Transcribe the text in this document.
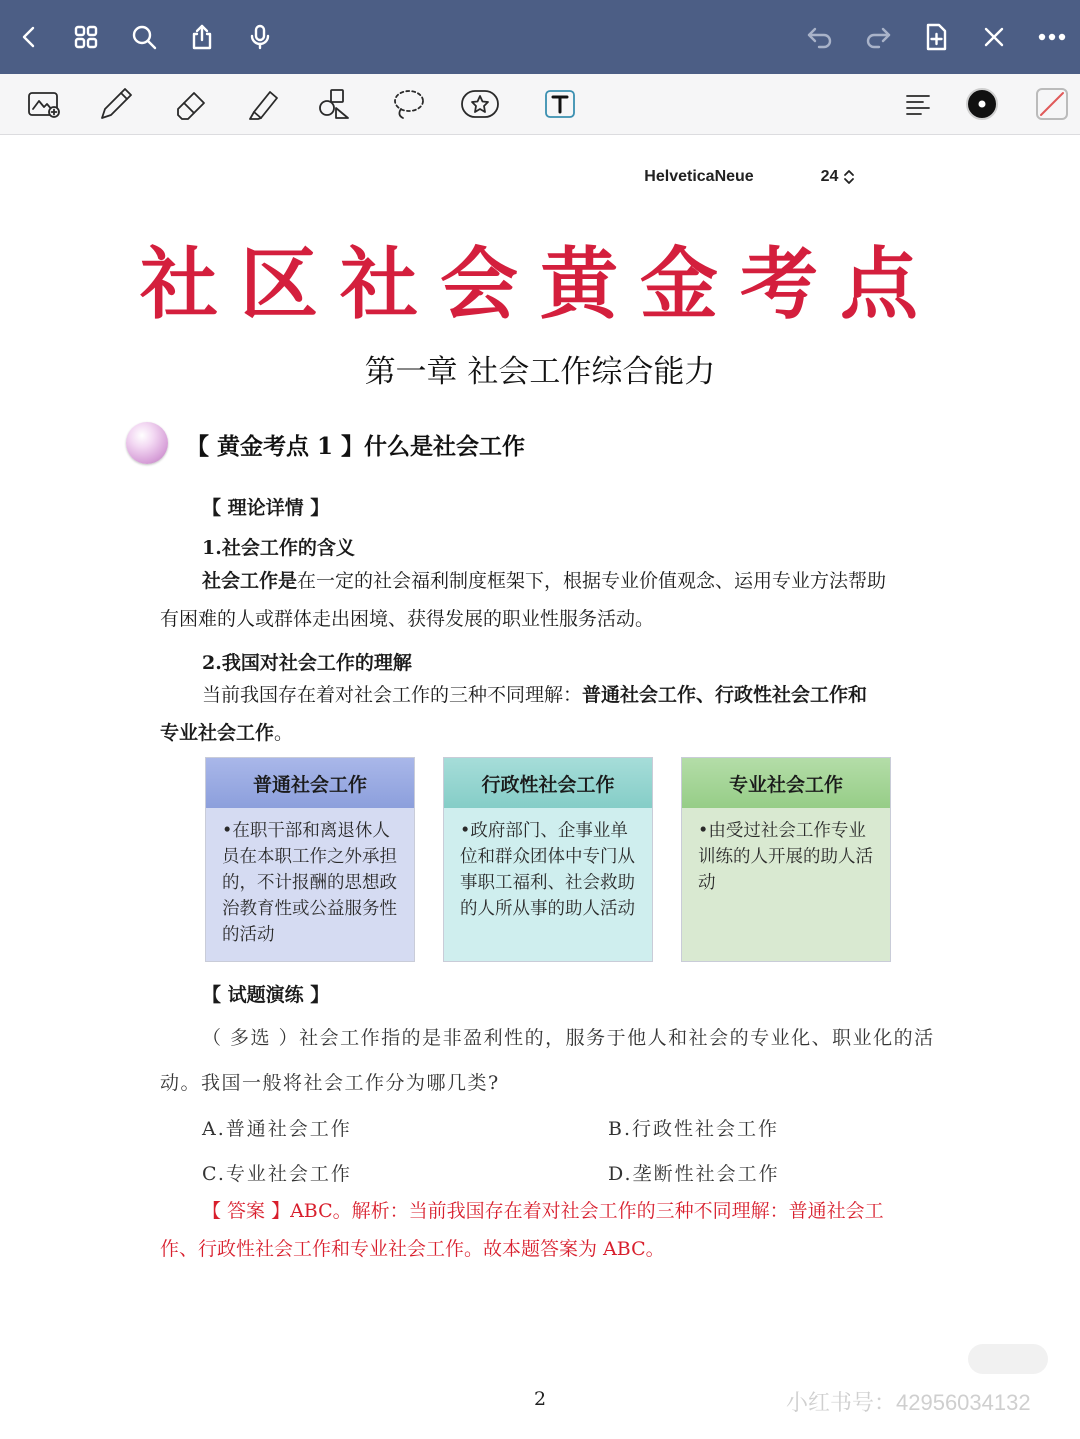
HelveticaNeue	24
社区社会黄金考点
第一章 社会工作综合能力
【 黄金考点 1 】什么是社会工作
【 理论详情 】
1.社会工作的含义
社会工作是在一定的社会福利制度框架下，根据专业价值观念、运用专业方法帮助
有困难的人或群体走出困境、获得发展的职业性服务活动。
2.我国对社会工作的理解
当前我国存在着对社会工作的三种不同理解：普通社会工作、行政性社会工作和
专业社会工作。
普通社会工作
•在职干部和离退休人员在本职工作之外承担的，不计报酬的思想政治教育性或公益服务性的活动
行政性社会工作
•政府部门、企事业单位和群众团体中专门从事职工福利、社会救助的人所从事的助人活动
专业社会工作
•由受过社会工作专业训练的人开展的助人活动
【 试题演练 】
（ 多选 ）社会工作指的是非盈利性的，服务于他人和社会的专业化、职业化的活
动。我国一般将社会工作分为哪几类?
A.普通社会工作	B.行政性社会工作
C.专业社会工作	D.垄断性社会工作
【 答案 】ABC。解析：当前我国存在着对社会工作的三种不同理解：普通社会工
作、行政性社会工作和专业社会工作。故本题答案为 ABC。
2	小红书号：42956034132
